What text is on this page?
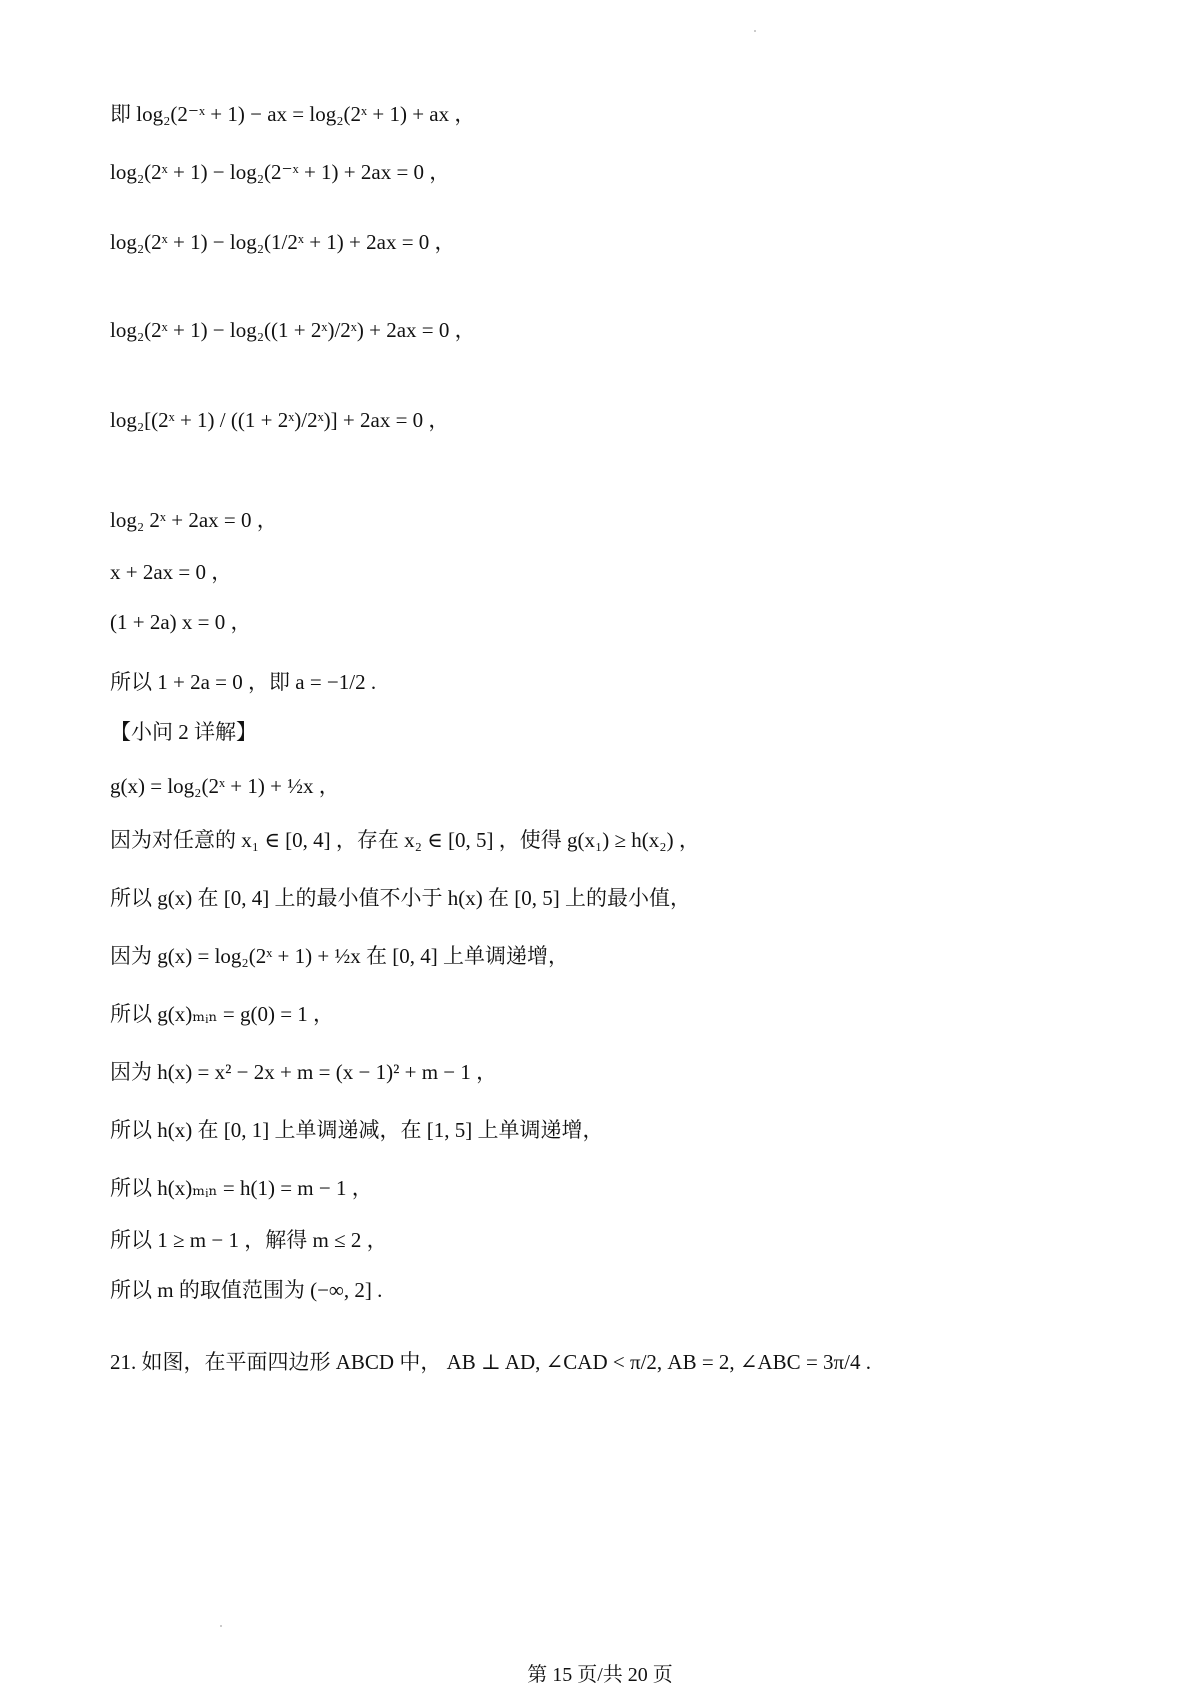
即 log₂(2⁻ˣ + 1) − ax = log₂(2ˣ + 1) + ax ，
log₂(2ˣ + 1) − log₂(2⁻ˣ + 1) + 2ax = 0 ，
log₂(2ˣ + 1) − log₂(1/2ˣ + 1) + 2ax = 0 ，
log₂(2ˣ + 1) − log₂((1 + 2ˣ)/2ˣ) + 2ax = 0 ，
log₂[(2ˣ + 1) / ((1 + 2ˣ)/2ˣ)] + 2ax = 0 ，
log₂ 2ˣ + 2ax = 0 ，
x + 2ax = 0 ，
(1 + 2a) x = 0 ，
所以 1 + 2a = 0 ，即 a = −1/2 .
【小问 2 详解】
g(x) = log₂(2ˣ + 1) + ½x ，
因为对任意的 x₁ ∈ [0, 4] ，存在 x₂ ∈ [0, 5] ，使得 g(x₁) ≥ h(x₂) ，
所以 g(x) 在 [0, 4] 上的最小值不小于 h(x) 在 [0, 5] 上的最小值，
因为 g(x) = log₂(2ˣ + 1) + ½x 在 [0, 4] 上单调递增，
所以 g(x)ₘᵢₙ = g(0) = 1 ，
因为 h(x) = x² − 2x + m = (x − 1)² + m − 1 ，
所以 h(x) 在 [0, 1] 上单调递减，在 [1, 5] 上单调递增，
所以 h(x)ₘᵢₙ = h(1) = m − 1 ，
所以 1 ≥ m − 1 ，解得 m ≤ 2 ，
所以 m 的取值范围为 (−∞, 2] .
21. 如图，在平面四边形 ABCD 中， AB ⊥ AD, ∠CAD < π/2, AB = 2, ∠ABC = 3π/4 .
第 15 页/共 20 页
